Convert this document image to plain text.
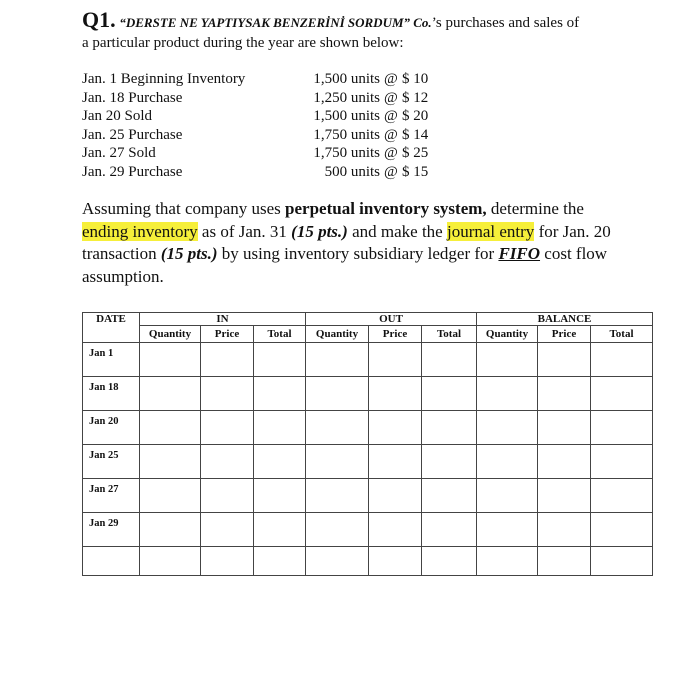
Q1. “DERSTE NE YAPTIYSAK BENZERİNİ SORDUM” Co.’s purchases and sales of
a particular product during the year are shown below:
Jan. 1 Beginning Inventory	1,500 units @ $ 10
Jan. 18 Purchase	1,250 units @ $ 12
Jan 20 Sold	1,500 units @ $ 20
Jan. 25 Purchase	1,750 units @ $ 14
Jan. 27 Sold	1,750 units @ $ 25
Jan. 29 Purchase	500 units @ $ 15
Assuming that company uses perpetual inventory system, determine the ending inventory as of Jan. 31 (15 pts.) and make the journal entry for Jan. 20 transaction (15 pts.) by using inventory subsidiary ledger for FIFO cost flow assumption.
DATE	IN			OUT			BALANCE		
	Quantity	Price	Total	Quantity	Price	Total	Quantity	Price	Total
Jan 1									
Jan 18									
Jan 20									
Jan 25									
Jan 27									
Jan 29									
